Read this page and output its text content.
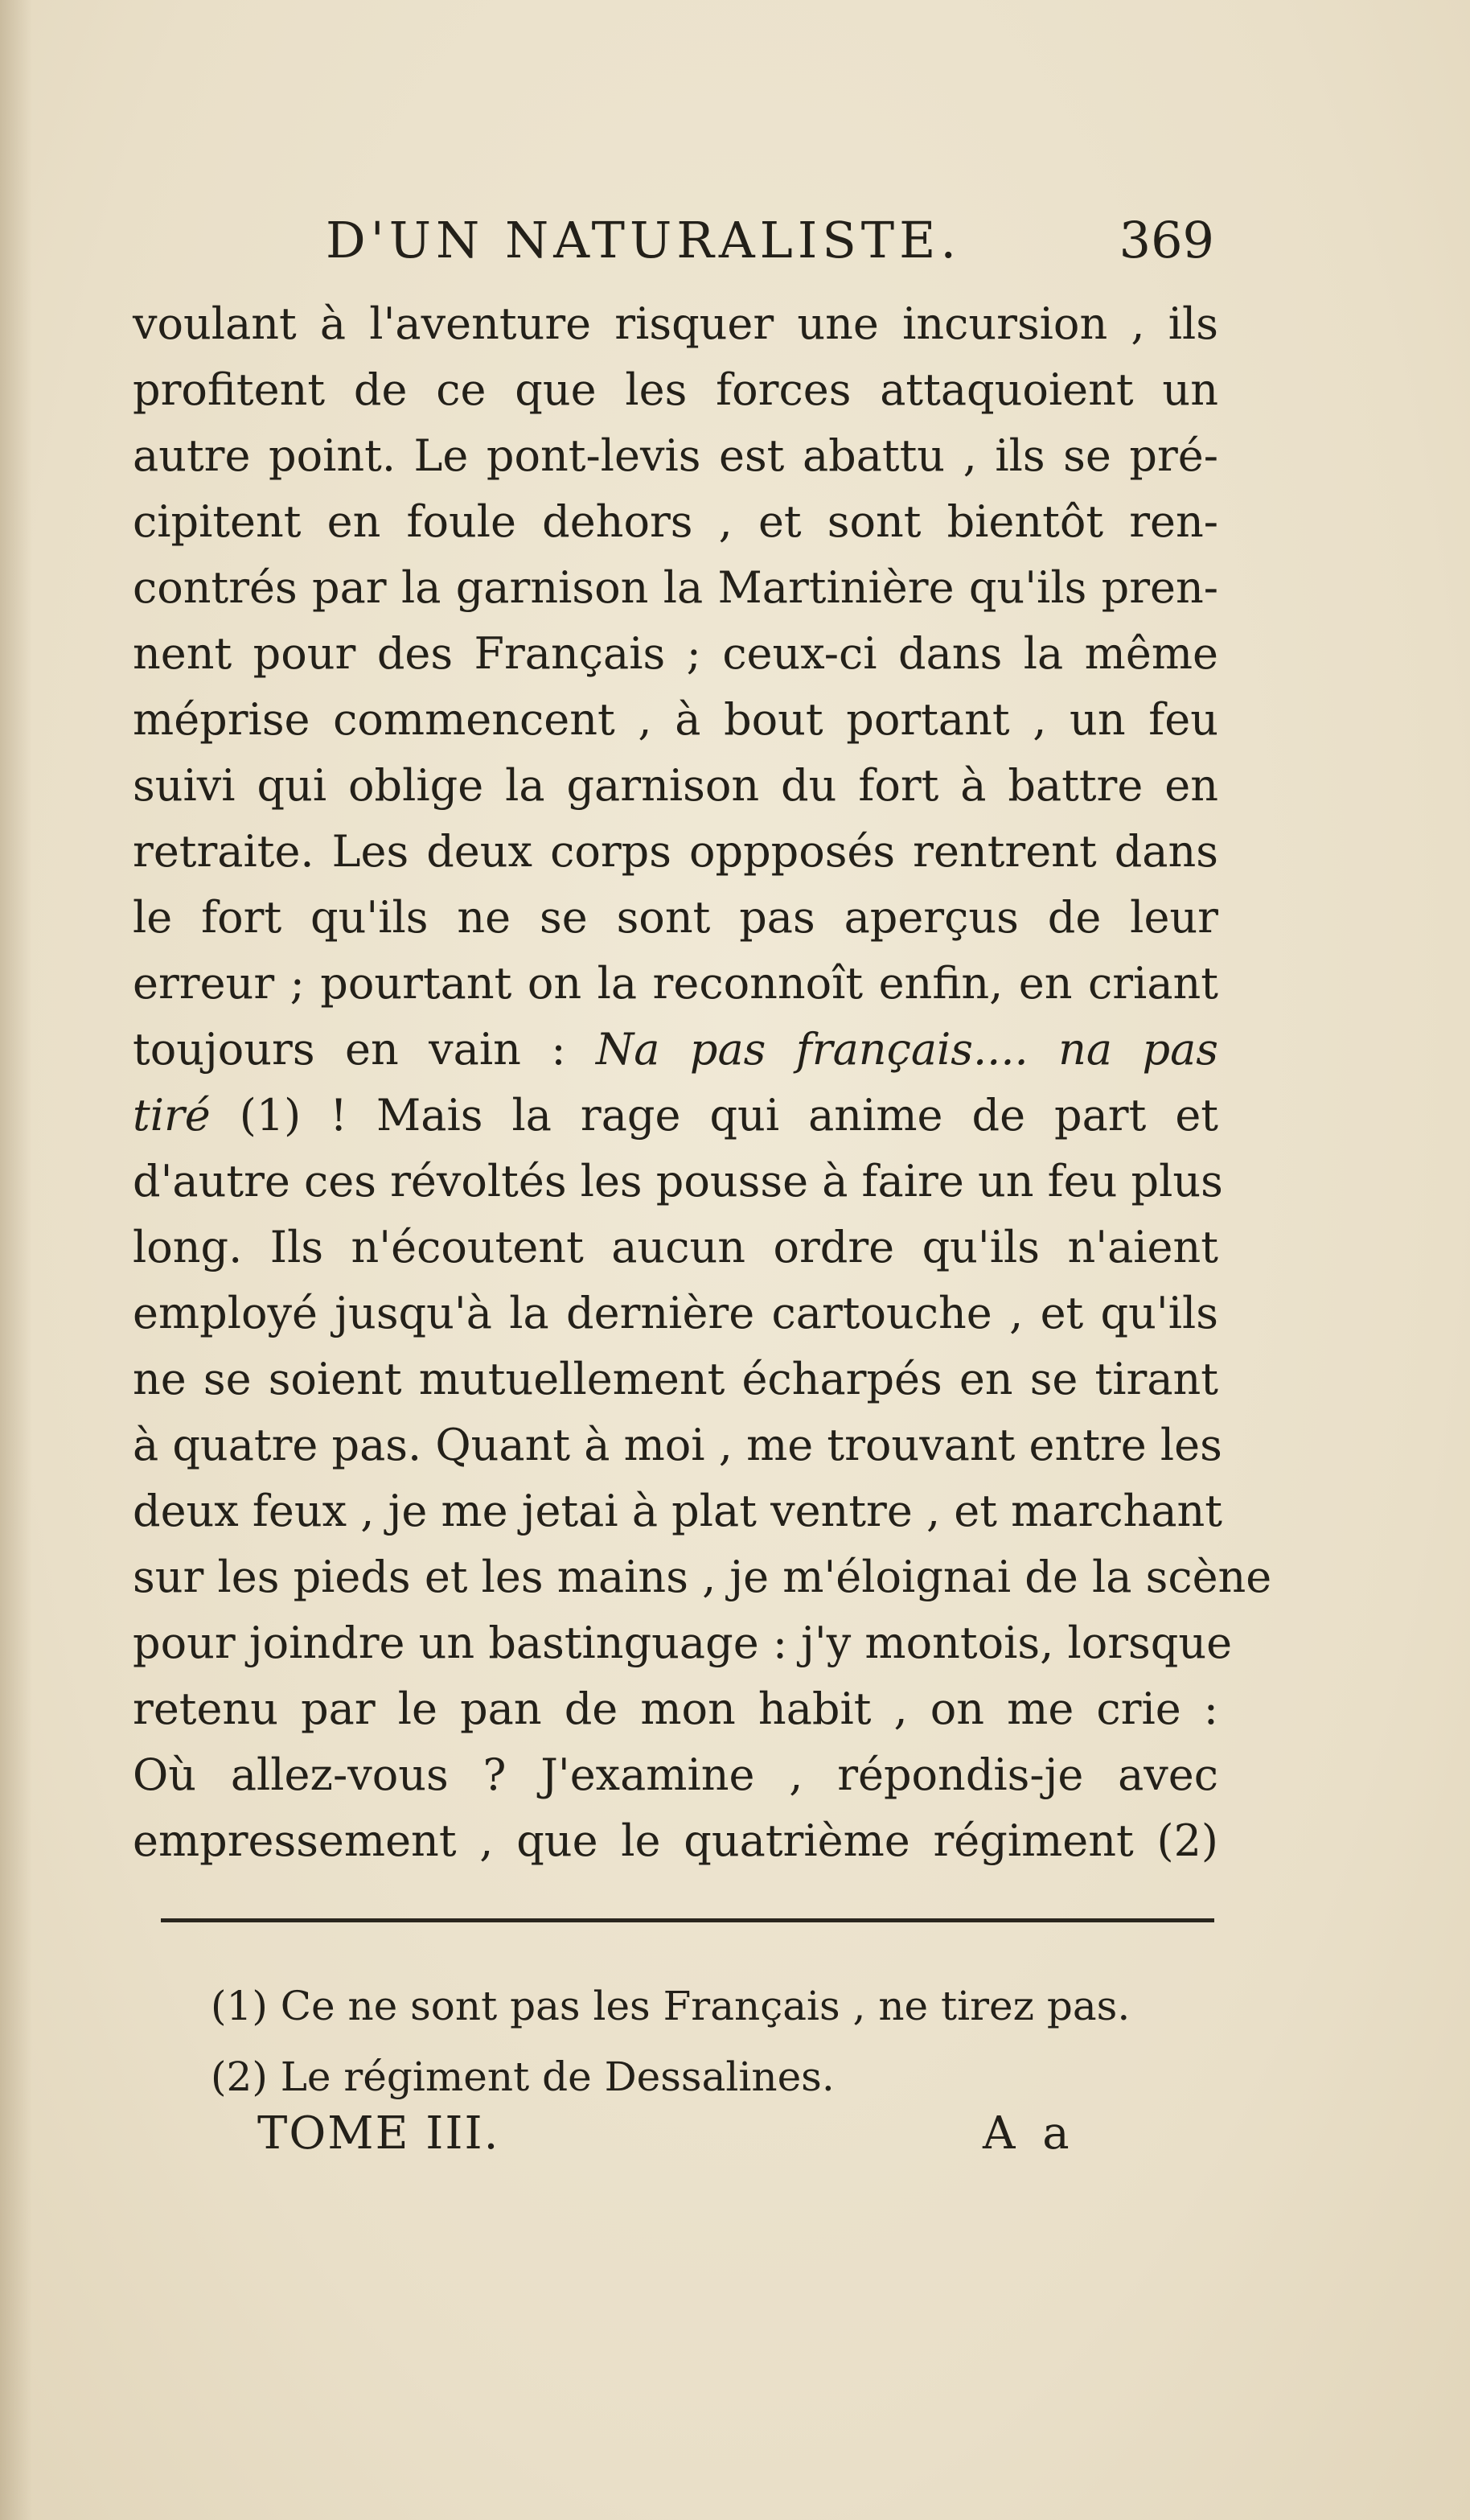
D'UN NATURALISTE.	369
voulant à l'aventure risquer une incursion , ils
profitent de ce que les forces attaquoient un
autre point. Le pont-levis est abattu , ils se pré-
cipitent en foule dehors , et sont bientôt ren-
contrés par la garnison la Martinière qu'ils pren-
nent pour des Français ; ceux-ci dans la même
méprise commencent , à bout portant , un feu
suivi qui oblige la garnison du fort à battre en
retraite. Les deux corps oppposés rentrent dans
le fort qu'ils ne se sont pas aperçus de leur
erreur ; pourtant on la reconnoît enfin, en criant
toujours en vain : Na pas français.... na pas
tiré (1) ! Mais la rage qui anime de part et
d'autre ces révoltés les pousse à faire un feu plus
long. Ils n'écoutent aucun ordre qu'ils n'aient
employé jusqu'à la dernière cartouche , et qu'ils
ne se soient mutuellement écharpés en se tirant
à quatre pas. Quant à moi , me trouvant entre les
deux feux , je me jetai à plat ventre , et marchant
sur les pieds et les mains , je m'éloignai de la scène
pour joindre un bastinguage : j'y montois, lorsque
retenu par le pan de mon habit , on me crie :
Où allez-vous ? J'examine , répondis-je avec
empressement , que le quatrième régiment (2)
(1) Ce ne sont pas les Français , ne tirez pas.
(2) Le régiment de Dessalines.
TOME III.	A a
